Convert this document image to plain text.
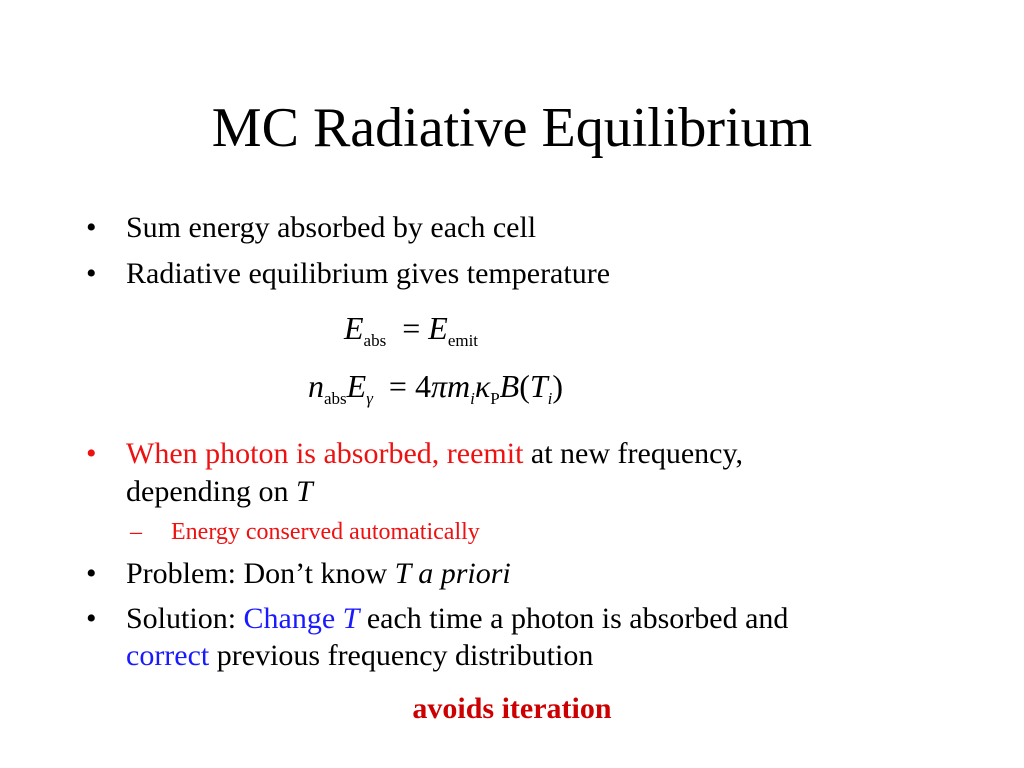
MC Radiative Equilibrium
• Sum energy absorbed by each cell
• Radiative equilibrium gives temperature
$E_{abs} = E_{emit}$
$n_{abs}E_\gamma = 4\pi m_i\kappa_PB(T_i)$
• When photon is absorbed, reemit at new frequency,
depending on T
– Energy conserved automatically
• Problem: Don’t know T a priori
• Solution: Change T each time a photon is absorbed and
correct previous frequency distribution
avoids iteration
